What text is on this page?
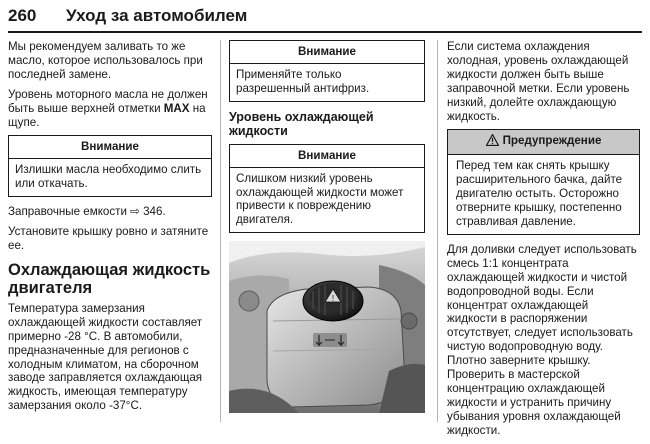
260 Уход за автомобилем

Мы рекомендуем заливать то же масло, которое использовалось при последней замене.

Уровень моторного масла не должен быть выше верхней отметки MAX на щупе.

Внимание
Излишки масла необходимо слить или откачать.

Заправочные емкости ⇨ 346.

Установите крышку ровно и затяните ее.

Охлаждающая жидкость двигателя

Температура замерзания охлаждающей жидкости составляет примерно -28 °C. В автомобили, предназначенные для регионов с холодным климатом, на сборочном заводе заправляется охлаждающая жидкость, имеющая температуру замерзания около -37°C.

Внимание
Применяйте только разрешенный антифриз.
Уровень охлаждающей жидкости
Внимание
Слишком низкий уровень охлаждающей жидкости может привести к повреждению двигателя.
!
17001 T

Если система охлаждения холодная, уровень охлаждающей жидкости должен быть выше заправочной метки. Если уровень низкий, долейте охлаждающую жидкость.

Предупреждение
Перед тем как снять крышку расширительного бачка, дайте двигателю остыть. Осторожно отверните крышку, постепенно стравливая давление.

Для доливки следует использовать смесь 1:1 концентрата охлаждающей жидкости и чистой водопроводной воды. Если концентрат охлаждающей жидкости в распоряжении отсутствует, следует использовать чистую водопроводную воду. Плотно заверните крышку. Проверить в мастерской концентрацию охлаждающей жидкости и устранить причину убывания уровня охлаждающей жидкости.
